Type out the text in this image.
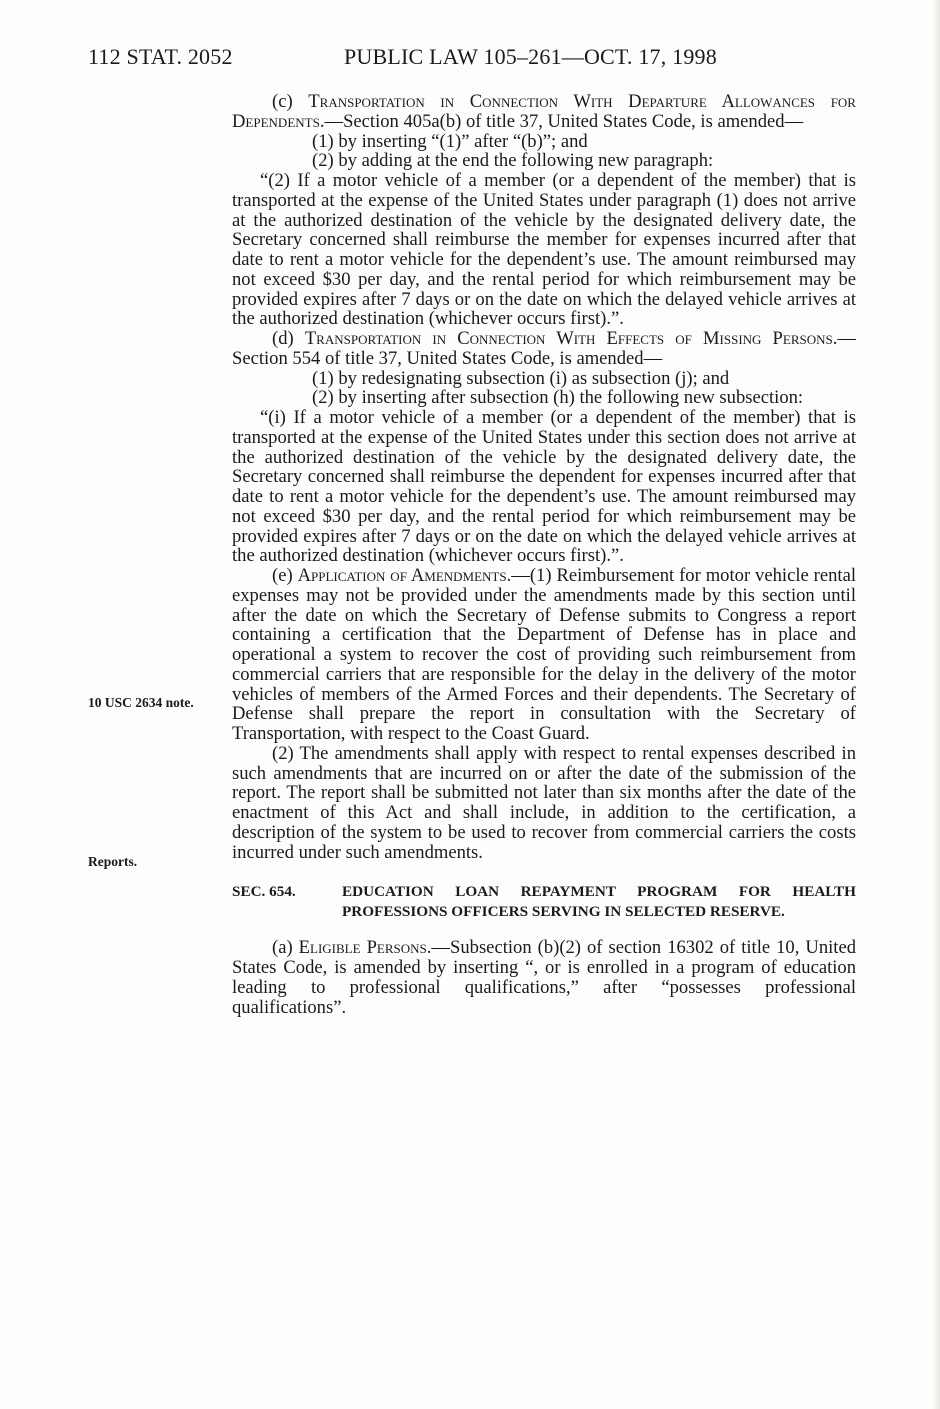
112 STAT. 2052	PUBLIC LAW 105–261—OCT. 17, 1998
10 USC 2634 note.
Reports.

(c) Transportation in Connection With Departure Allowances for Dependents.—Section 405a(b) of title 37, United States Code, is amended—

(1) by inserting “(1)” after “(b)”; and

(2) by adding at the end the following new paragraph:

“(2) If a motor vehicle of a member (or a dependent of the member) that is transported at the expense of the United States under paragraph (1) does not arrive at the authorized destination of the vehicle by the designated delivery date, the Secretary concerned shall reimburse the member for expenses incurred after that date to rent a motor vehicle for the dependent’s use. The amount reimbursed may not exceed $30 per day, and the rental period for which reimbursement may be provided expires after 7 days or on the date on which the delayed vehicle arrives at the authorized destination (whichever occurs first).”.

(d) Transportation in Connection With Effects of Missing Persons.—Section 554 of title 37, United States Code, is amended—

(1) by redesignating subsection (i) as subsection (j); and

(2) by inserting after subsection (h) the following new subsection:

“(i) If a motor vehicle of a member (or a dependent of the member) that is transported at the expense of the United States under this section does not arrive at the authorized destination of the vehicle by the designated delivery date, the Secretary concerned shall reimburse the dependent for expenses incurred after that date to rent a motor vehicle for the dependent’s use. The amount reimbursed may not exceed $30 per day, and the rental period for which reimbursement may be provided expires after 7 days or on the date on which the delayed vehicle arrives at the authorized destination (whichever occurs first).”.

(e) Application of Amendments.—(1) Reimbursement for motor vehicle rental expenses may not be provided under the amendments made by this section until after the date on which the Secretary of Defense submits to Congress a report containing a certification that the Department of Defense has in place and operational a system to recover the cost of providing such reimbursement from commercial carriers that are responsible for the delay in the delivery of the motor vehicles of members of the Armed Forces and their dependents. The Secretary of Defense shall prepare the report in consultation with the Secretary of Transportation, with respect to the Coast Guard.

(2) The amendments shall apply with respect to rental expenses described in such amendments that are incurred on or after the date of the submission of the report. The report shall be submitted not later than six months after the date of the enactment of this Act and shall include, in addition to the certification, a description of the system to be used to recover from commercial carriers the costs incurred under such amendments.

SEC. 654.	EDUCATION LOAN REPAYMENT PROGRAM FOR HEALTH PROFESSIONS OFFICERS SERVING IN SELECTED RESERVE.

(a) Eligible Persons.—Subsection (b)(2) of section 16302 of title 10, United States Code, is amended by inserting “, or is enrolled in a program of education leading to professional qualifications,” after “possesses professional qualifications”.
